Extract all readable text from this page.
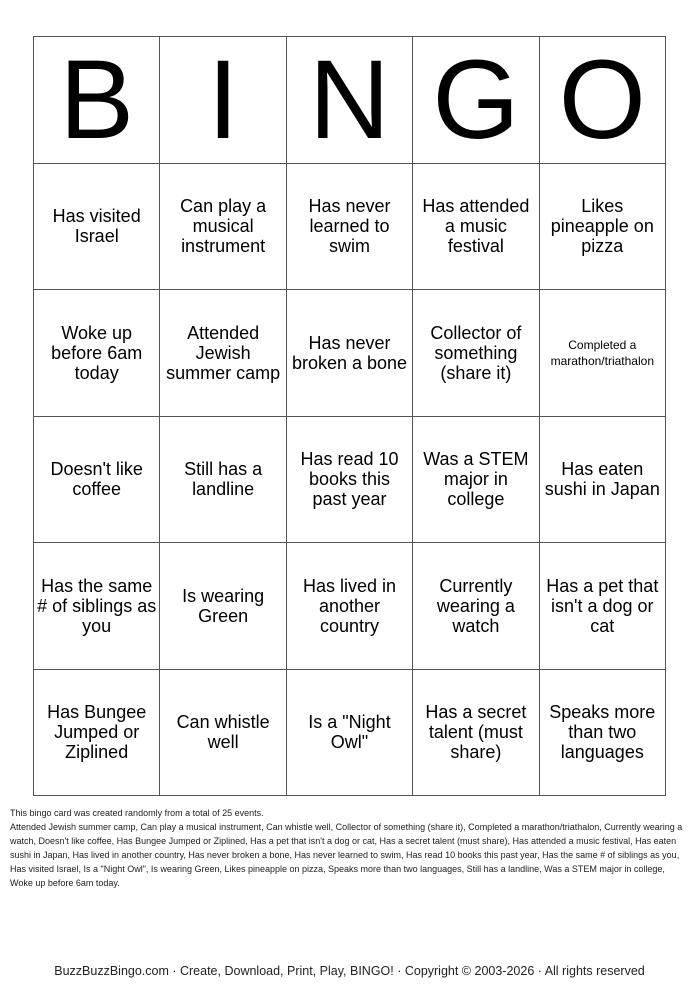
B I N G O
Has visited Israel
Can play a musical instrument
Has never learned to swim
Has attended a music festival
Likes pineapple on pizza
Woke up before 6am today
Attended Jewish summer camp
Has never broken a bone
Collector of something (share it)
Completed a marathon/triathalon
Doesn't like coffee
Still has a landline
Has read 10 books this past year
Was a STEM major in college
Has eaten sushi in Japan
Has the same # of siblings as you
Is wearing Green
Has lived in another country
Currently wearing a watch
Has a pet that isn't a dog or cat
Has Bungee Jumped or Ziplined
Can whistle well
Is a "Night Owl"
Has a secret talent (must share)
Speaks more than two languages

This bingo card was created randomly from a total of 25 events.

Attended Jewish summer camp, Can play a musical instrument, Can whistle well, Collector of something (share it), Completed a marathon/triathalon, Currently wearing a watch, Doesn't like coffee, Has Bungee Jumped or Ziplined, Has a pet that isn't a dog or cat, Has a secret talent (must share), Has attended a music festival, Has eaten sushi in Japan, Has lived in another country, Has never broken a bone, Has never learned to swim, Has read 10 books this past year, Has the same # of siblings as you, Has visited Israel, Is a "Night Owl", Is wearing Green, Likes pineapple on pizza, Speaks more than two languages, Still has a landline, Was a STEM major in college, Woke up before 6am today.

BuzzBuzzBingo.com · Create, Download, Print, Play, BINGO! · Copyright © 2003-2026 · All rights reserved
